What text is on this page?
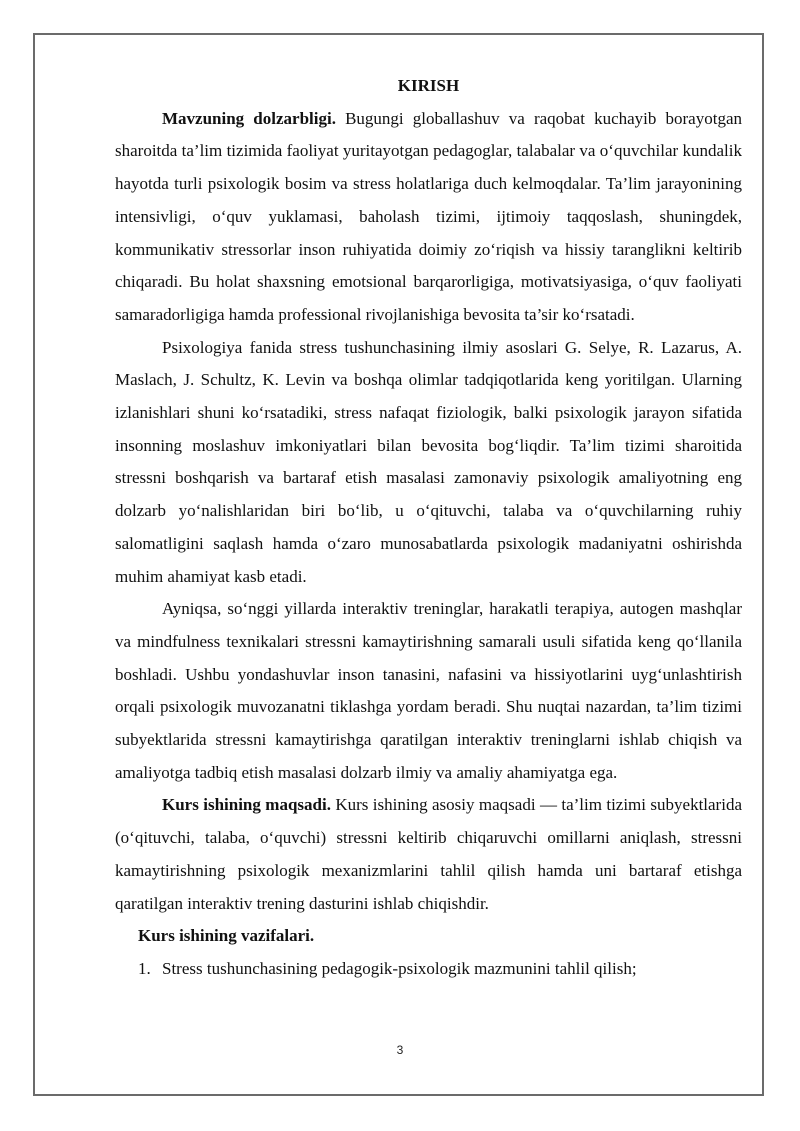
KIRISH

Mavzuning dolzarbligi. Bugungi globallashuv va raqobat kuchayib borayotgan sharoitda ta’lim tizimida faoliyat yuritayotgan pedagoglar, talabalar va o‘quvchilar kundalik hayotda turli psixologik bosim va stress holatlariga duch kelmoqdalar. Ta’lim jarayonining intensivligi, o‘quv yuklamasi, baholash tizimi, ijtimoiy taqqoslash, shuningdek, kommunikativ stressorlar inson ruhiyatida doimiy zo‘riqish va hissiy taranglikni keltirib chiqaradi. Bu holat shaxsning emotsional barqarorligiga, motivatsiyasiga, o‘quv faoliyati samaradorligiga hamda professional rivojlanishiga bevosita ta’sir ko‘rsatadi.

Psixologiya fanida stress tushunchasining ilmiy asoslari G. Selye, R. Lazarus, A. Maslach, J. Schultz, K. Levin va boshqa olimlar tadqiqotlarida keng yoritilgan. Ularning izlanishlari shuni ko‘rsatadiki, stress nafaqat fiziologik, balki psixologik jarayon sifatida insonning moslashuv imkoniyatlari bilan bevosita bog‘liqdir. Ta’lim tizimi sharoitida stressni boshqarish va bartaraf etish masalasi zamonaviy psixologik amaliyotning eng dolzarb yo‘nalishlaridan biri bo‘lib, u o‘qituvchi, talaba va o‘quvchilarning ruhiy salomatligini saqlash hamda o‘zaro munosabatlarda psixologik madaniyatni oshirishda muhim ahamiyat kasb etadi.

Ayniqsa, so‘nggi yillarda interaktiv treninglar, harakatli terapiya, autogen mashqlar va mindfulness texnikalari stressni kamaytirishning samarali usuli sifatida keng qo‘llanila boshladi. Ushbu yondashuvlar inson tanasini, nafasini va hissiyotlarini uyg‘unlashtirish orqali psixologik muvozanatni tiklashga yordam beradi. Shu nuqtai nazardan, ta’lim tizimi subyektlarida stressni kamaytirishga qaratilgan interaktiv treninglarni ishlab chiqish va amaliyotga tadbiq etish masalasi dolzarb ilmiy va amaliy ahamiyatga ega.

Kurs ishining maqsadi. Kurs ishining asosiy maqsadi — ta’lim tizimi subyektlarida (o‘qituvchi, talaba, o‘quvchi) stressni keltirib chiqaruvchi omillarni aniqlash, stressni kamaytirishning psixologik mexanizmlarini tahlil qilish hamda uni bartaraf etishga qaratilgan interaktiv trening dasturini ishlab chiqishdir.

Kurs ishining vazifalari.

1. Stress tushunchasining pedagogik-psixologik mazmunini tahlil qilish;
3
